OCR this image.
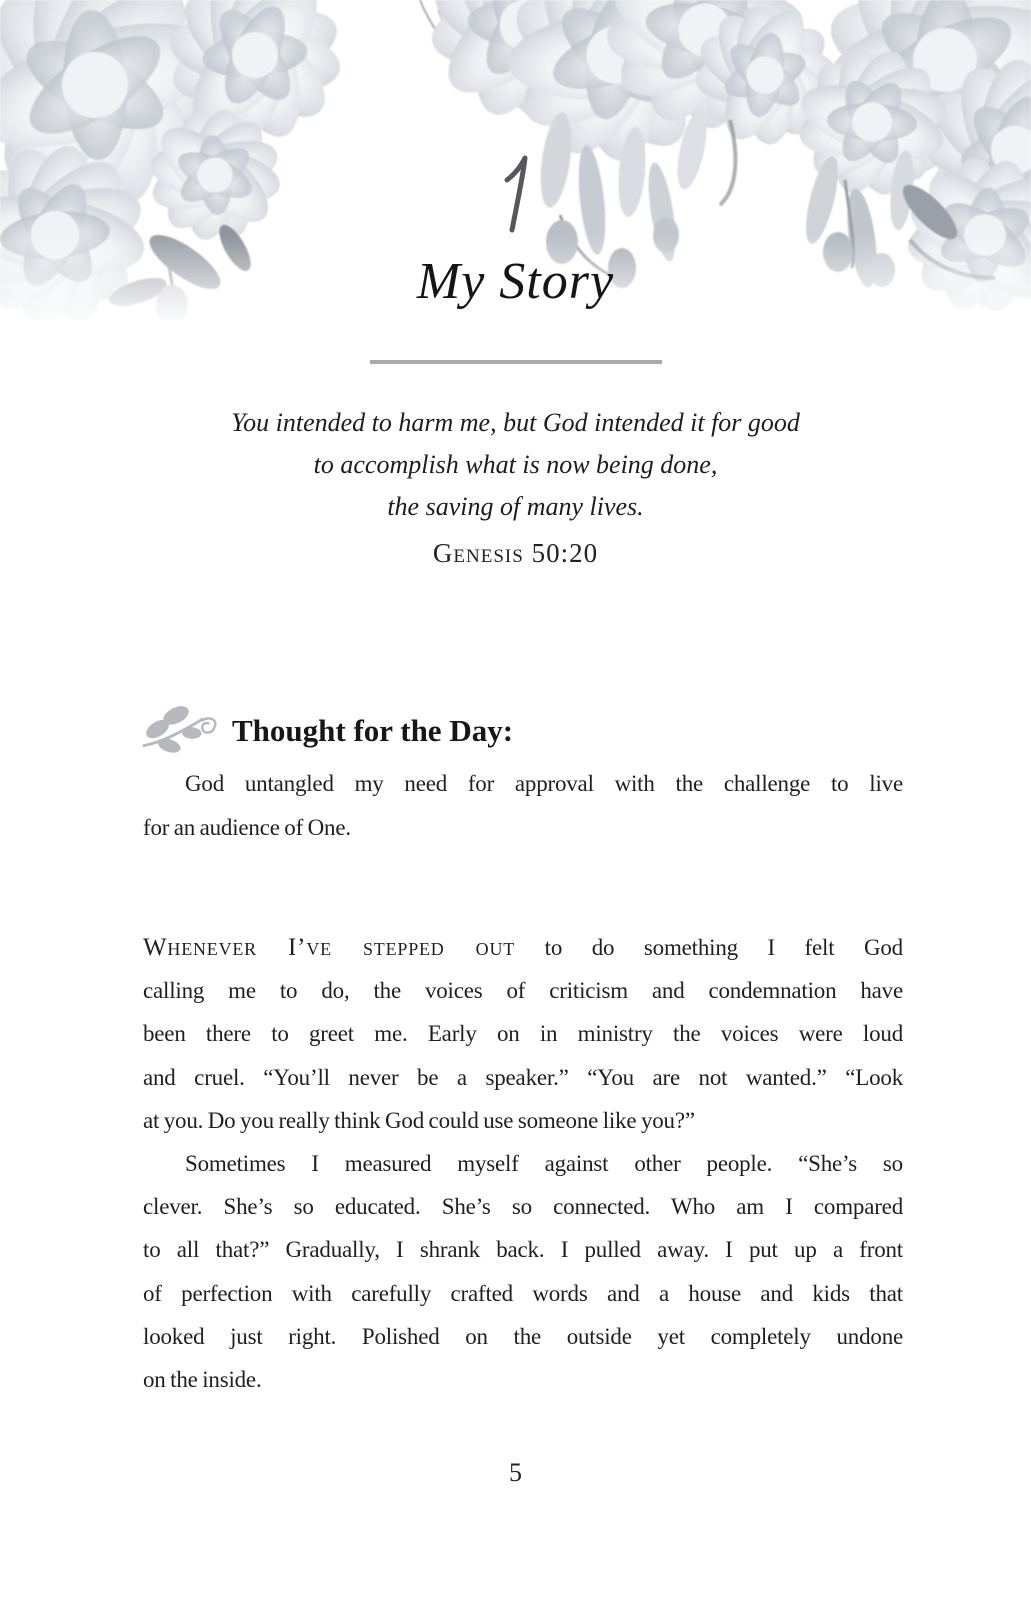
My Story
You intended to harm me, but God intended it for good
to accomplish what is now being done,
the saving of many lives.
Genesis 50:20
Thought for the Day:
God untangled my need for approval with the challenge to live
for an audience of One.
Whenever I’ve stepped out to do something I felt God
calling me to do, the voices of criticism and condemnation have
been there to greet me. Early on in ministry the voices were loud
and cruel. “You’ll never be a speaker.” “You are not wanted.” “Look
at you. Do you really think God could use someone like you?”
Sometimes I measured myself against other people. “She’s so
clever. She’s so educated. She’s so connected. Who am I compared
to all that?” Gradually, I shrank back. I pulled away. I put up a front
of perfection with carefully crafted words and a house and kids that
looked just right. Polished on the outside yet completely undone
on the inside.
5
